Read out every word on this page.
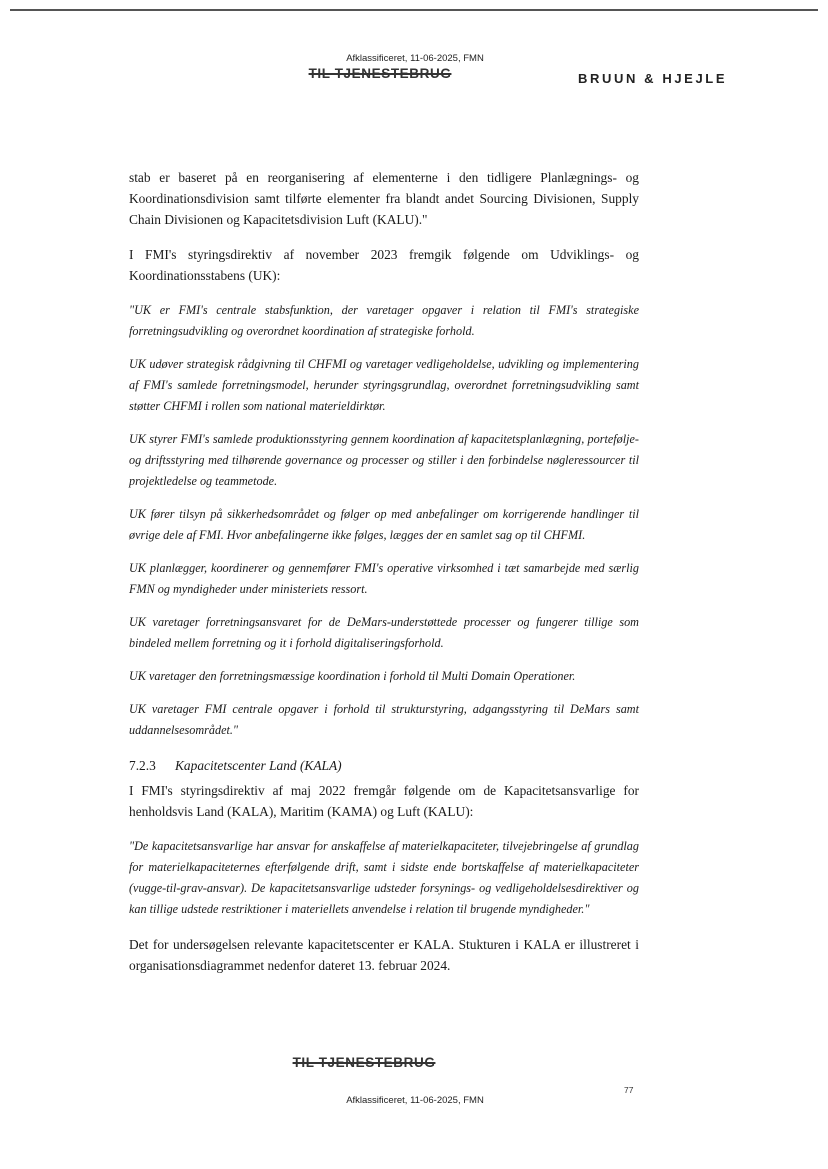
Afklassificeret, 11-06-2025, FMN
TIL TJENESTEBRUG	BRUUN & HJEJLE

stab er baseret på en reorganisering af elementerne i den tidligere Planlægnings- og Koordinationsdivision samt tilførte elementer fra blandt andet Sourcing Divisionen, Supply Chain Divisionen og Kapacitetsdivision Luft (KALU)."

I FMI's styringsdirektiv af november 2023 fremgik følgende om Udviklings- og Koordinationsstabens (UK):

"UK er FMI's centrale stabsfunktion, der varetager opgaver i relation til FMI's strategiske forretningsudvikling og overordnet koordination af strategiske forhold.

UK udøver strategisk rådgivning til CHFMI og varetager vedligeholdelse, udvikling og implementering af FMI's samlede forretningsmodel, herunder styringsgrundlag, overordnet forretningsudvikling samt støtter CHFMI i rollen som national materieldirktør.

UK styrer FMI's samlede produktionsstyring gennem koordination af kapacitetsplanlægning, portefølje- og driftsstyring med tilhørende governance og processer og stiller i den forbindelse nøgleressourcer til projektledelse og teammetode.

UK fører tilsyn på sikkerhedsområdet og følger op med anbefalinger om korrigerende handlinger til øvrige dele af FMI. Hvor anbefalingerne ikke følges, lægges der en samlet sag op til CHFMI.

UK planlægger, koordinerer og gennemfører FMI's operative virksomhed i tæt samarbejde med særlig FMN og myndigheder under ministeriets ressort.

UK varetager forretningsansvaret for de DeMars-understøttede processer og fungerer tillige som bindeled mellem forretning og it i forhold digitaliseringsforhold.

UK varetager den forretningsmæssige koordination i forhold til Multi Domain Operationer.

UK varetager FMI centrale opgaver i forhold til strukturstyring, adgangsstyring til DeMars samt uddannelsesområdet."

7.2.3	Kapacitetscenter Land (KALA)

I FMI's styringsdirektiv af maj 2022 fremgår følgende om de Kapacitetsansvarlige for henholdsvis Land (KALA), Maritim (KAMA) og Luft (KALU):

"De kapacitetsansvarlige har ansvar for anskaffelse af materielkapaciteter, tilvejebringelse af grundlag for materielkapaciteternes efterfølgende drift, samt i sidste ende bortskaffelse af materielkapaciteter (vugge-til-grav-ansvar). De kapacitetsansvarlige udsteder forsynings- og vedligeholdelsesdirektiver og kan tillige udstede restriktioner i materiellets anvendelse i relation til brugende myndigheder."

Det for undersøgelsen relevante kapacitetscenter er KALA. Stukturen i KALA er illustreret i organisationsdiagrammet nedenfor dateret 13. februar 2024.

TIL TJENESTEBRUG
77
Afklassificeret, 11-06-2025, FMN
